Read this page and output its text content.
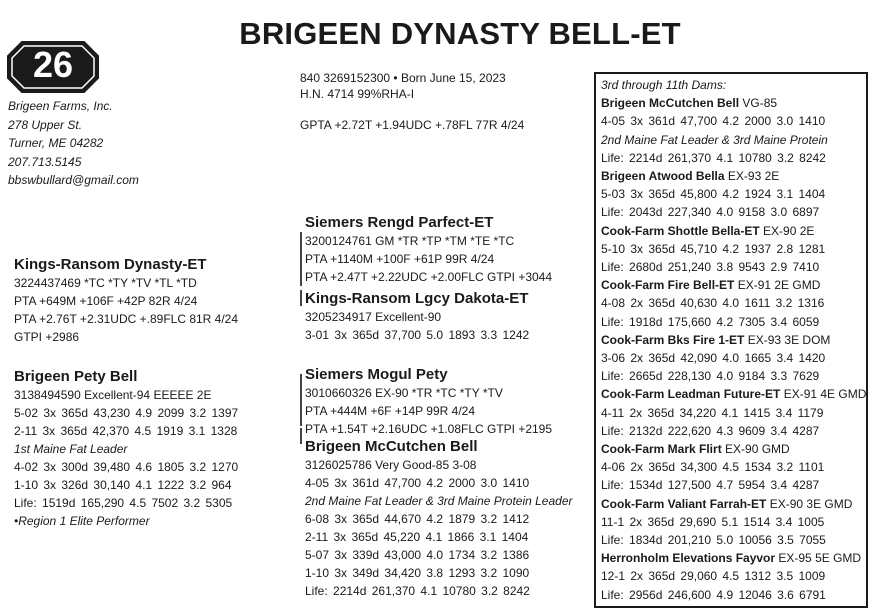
BRIGEEN DYNASTY BELL-ET
26
Brigeen Farms, Inc.
278 Upper St.
Turner, ME 04282
207.713.5145
bbswbullard@gmail.com
840 3269152300 • Born June 15, 2023
H.N. 4714 99%RHA-I
GPTA +2.72T +1.94UDC +.78FL 77R 4/24
Kings-Ransom Dynasty-ET
3224437469 *TC *TY *TV *TL *TD
PTA +649M +106F +42P 82R 4/24
PTA +2.76T +2.31UDC +.89FLC 81R 4/24
GTPI +2986
Brigeen Pety Bell
3138494590 Excellent-94 EEEEE 2E
5-02 3x 365d 43,230 4.9 2099 3.2 1397
2-11 3x 365d 42,370 4.5 1919 3.1 1328
1st Maine Fat Leader
4-02 3x 300d 39,480 4.6 1805 3.2 1270
1-10 3x 326d 30,140 4.1 1222 3.2 964
Life: 1519d 165,290 4.5 7502 3.2 5305
•Region 1 Elite Performer
Siemers Rengd Parfect-ET
3200124761 GM *TR *TP *TM *TE *TC
PTA +1140M +100F +61P 99R 4/24
PTA +2.47T +2.22UDC +2.00FLC GTPI +3044
Kings-Ransom Lgcy Dakota-ET
3205234917 Excellent-90
3-01 3x 365d 37,700 5.0 1893 3.3 1242
Siemers Mogul Pety
3010660326 EX-90 *TR *TC *TY *TV
PTA +444M +6F +14P 99R 4/24
PTA +1.54T +2.16UDC +1.08FLC GTPI +2195
Brigeen McCutchen Bell
3126025786 Very Good-85 3-08
4-05 3x 361d 47,700 4.2 2000 3.0 1410
2nd Maine Fat Leader & 3rd Maine Protein Leader
6-08 3x 365d 44,670 4.2 1879 3.2 1412
2-11 3x 365d 45,220 4.1 1866 3.1 1404
5-07 3x 339d 43,000 4.0 1734 3.2 1386
1-10 3x 349d 34,420 3.8 1293 3.2 1090
Life: 2214d 261,370 4.1 10780 3.2 8242
3rd through 11th Dams:
Brigeen McCutchen Bell VG-85
4-05 3x 361d 47,700 4.2 2000 3.0 1410
2nd Maine Fat Leader & 3rd Maine Protein
Life: 2214d 261,370 4.1 10780 3.2 8242
Brigeen Atwood Bella EX-93 2E
5-03 3x 365d 45,800 4.2 1924 3.1 1404
Life: 2043d 227,340 4.0 9158 3.0 6897
Cook-Farm Shottle Bella-ET EX-90 2E
5-10 3x 365d 45,710 4.2 1937 2.8 1281
Life: 2680d 251,240 3.8 9543 2.9 7410
Cook-Farm Fire Bell-ET EX-91 2E GMD
4-08 2x 365d 40,630 4.0 1611 3.2 1316
Life: 1918d 175,660 4.2 7305 3.4 6059
Cook-Farm Bks Fire 1-ET EX-93 3E DOM
3-06 2x 365d 42,090 4.0 1665 3.4 1420
Life: 2665d 228,130 4.0 9184 3.3 7629
Cook-Farm Leadman Future-ET EX-91 4E GMD
4-11 2x 365d 34,220 4.1 1415 3.4 1179
Life: 2132d 222,620 4.3 9609 3.4 4287
Cook-Farm Mark Flirt EX-90 GMD
4-06 2x 365d 34,300 4.5 1534 3.2 1101
Life: 1534d 127,500 4.7 5954 3.4 4287
Cook-Farm Valiant Farrah-ET EX-90 3E GMD
11-1 2x 365d 29,690 5.1 1514 3.4 1005
Life: 1834d 201,210 5.0 10056 3.5 7055
Herronholm Elevations Fayvor EX-95 5E GMD
12-1 2x 365d 29,060 4.5 1312 3.5 1009
Life: 2956d 246,600 4.9 12046 3.6 6791
